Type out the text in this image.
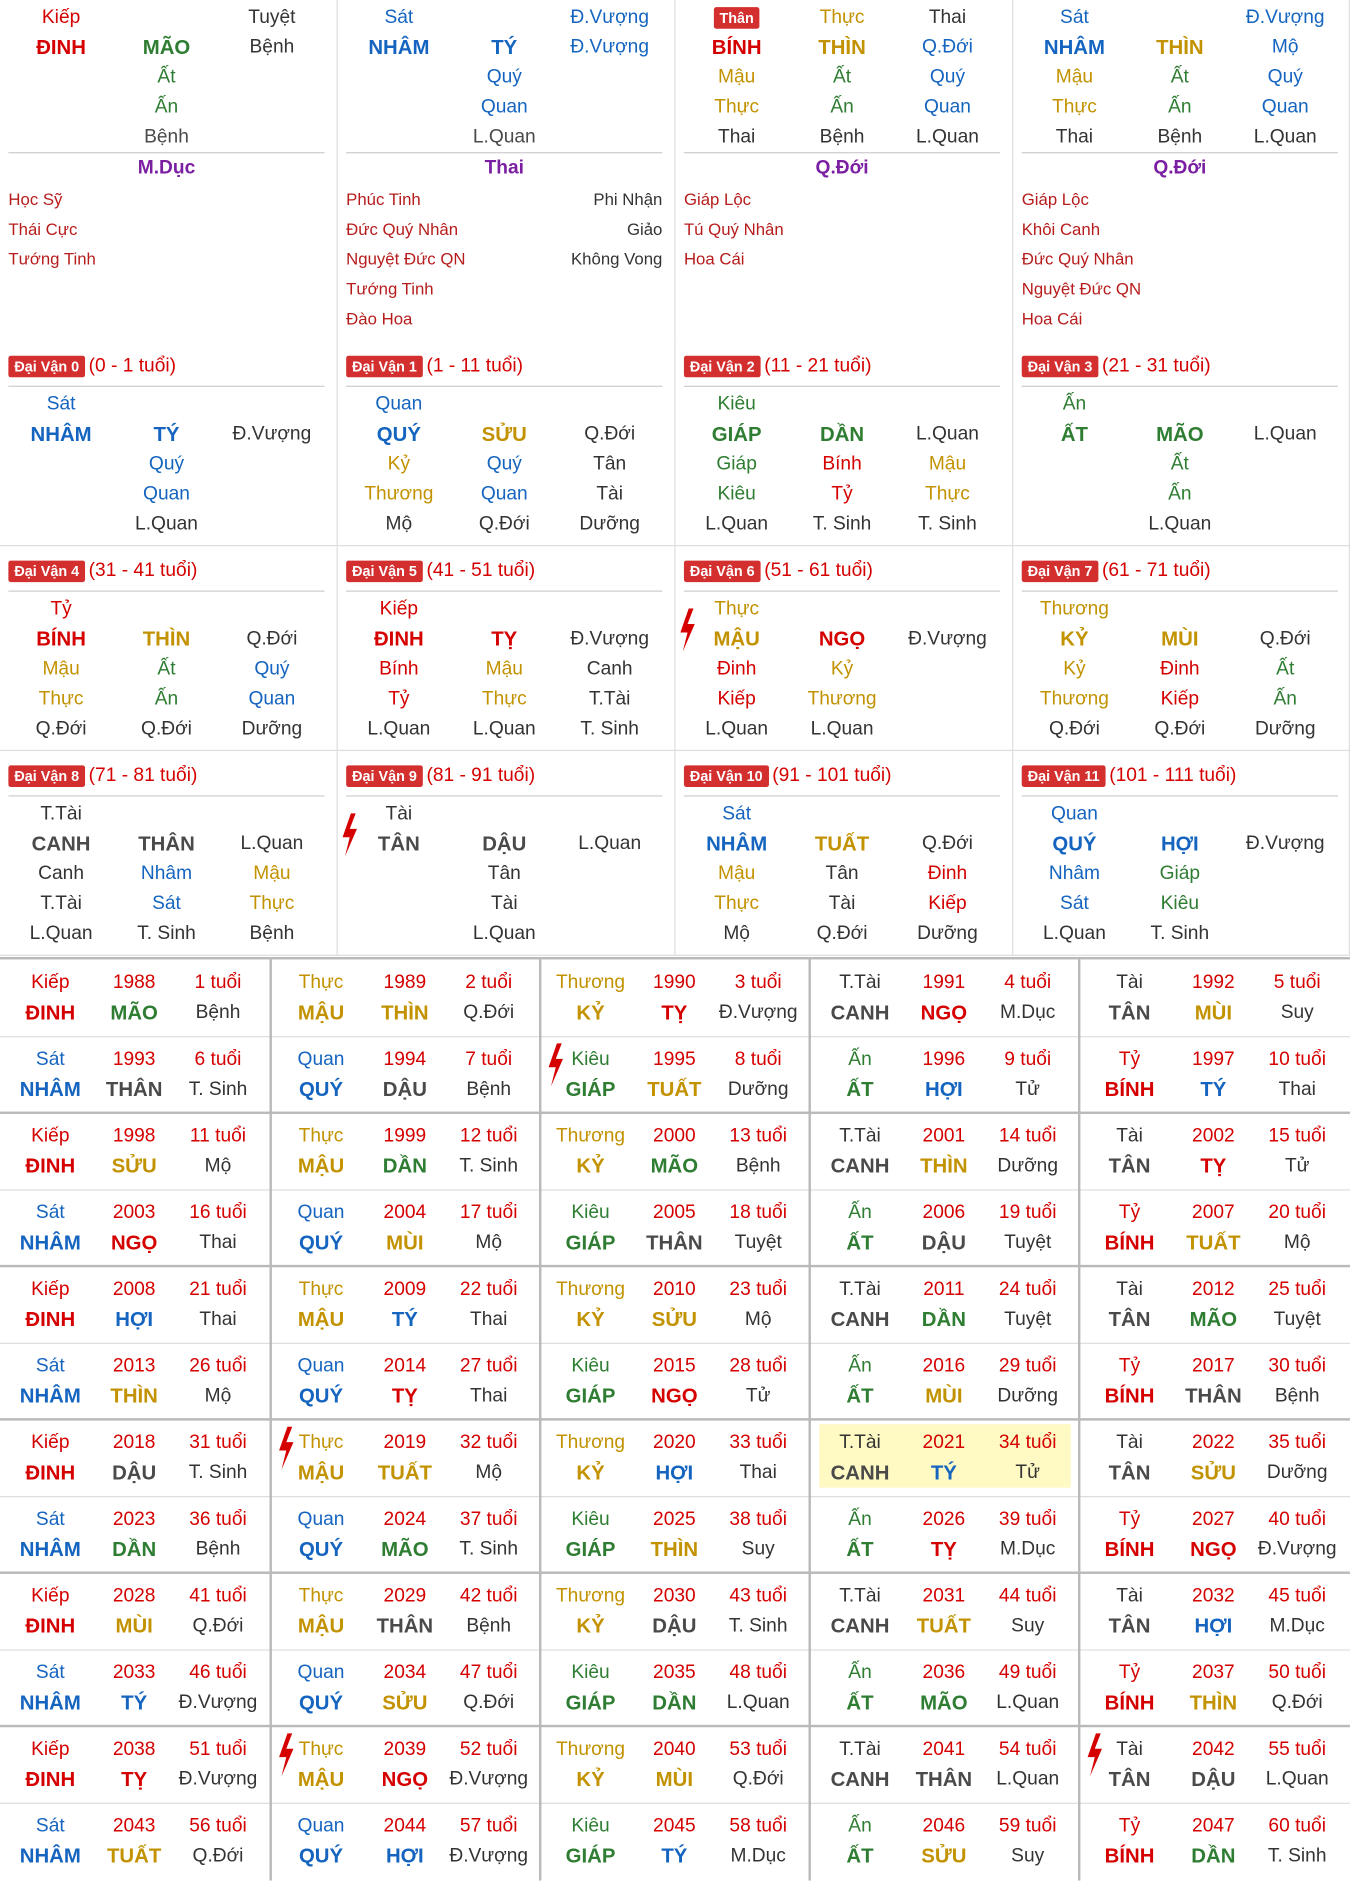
Kiếp	Tuyệt
ĐINH	MÃO	Bệnh
Ất
Ấn
Bệnh
M.Dục
Học Sỹ
Thái Cực
Tướng Tinh
Sát	Đ.Vượng
NHÂM	TÝ	Đ.Vượng
Quý
Quan
L.Quan
Thai
Phúc Tinh	Phi Nhận
Đức Quý Nhân	Giảo
Nguyệt Đức QN	Không Vong
Tướng Tinh
Đào Hoa
Thân	Thực	Thai
BÍNH	THÌN	Q.Đới
Mậu	Ất	Quý
Thực	Ấn	Quan
Thai	Bệnh	L.Quan
Q.Đới
Giáp Lộc
Tú Quý Nhân
Hoa Cái
Sát	Đ.Vượng
NHÂM	THÌN	Mộ
Mậu	Ất	Quý
Thực	Ấn	Quan
Thai	Bệnh	L.Quan
Q.Đới
Giáp Lộc
Khôi Canh
Đức Quý Nhân
Nguyệt Đức QN
Hoa Cái
Đại Vận 0 (0 - 1 tuổi)
Sát
NHÂM	TÝ	Đ.Vượng
Quý
Quan
L.Quan
Đại Vận 1 (1 - 11 tuổi)
Quan
QUÝ	SỬU	Q.Đới
Kỷ	Quý	Tân
Thương	Quan	Tài
Mộ	Q.Đới	Dưỡng
Đại Vận 2 (11 - 21 tuổi)
Kiêu
GIÁP	DẦN	L.Quan
Giáp	Bính	Mậu
Kiêu	Tỷ	Thực
L.Quan	T. Sinh	T. Sinh
Đại Vận 3 (21 - 31 tuổi)
Ấn
ẤT	MÃO	L.Quan
Ất
Ấn
L.Quan
Đại Vận 4 (31 - 41 tuổi)
Tỷ
BÍNH	THÌN	Q.Đới
Mậu	Ất	Quý
Thực	Ấn	Quan
Q.Đới	Q.Đới	Dưỡng
Đại Vận 5 (41 - 51 tuổi)
Kiếp
ĐINH	TỴ	Đ.Vượng
Bính	Mậu	Canh
Tỷ	Thực	T.Tài
L.Quan	L.Quan	T. Sinh
Đại Vận 6 (51 - 61 tuổi)
Thực
MẬU	NGỌ	Đ.Vượng
Đinh	Kỷ
Kiếp	Thương
L.Quan	L.Quan
Đại Vận 7 (61 - 71 tuổi)
Thương
KỶ	MÙI	Q.Đới
Kỷ	Đinh	Ất
Thương	Kiếp	Ấn
Q.Đới	Q.Đới	Dưỡng
Đại Vận 8 (71 - 81 tuổi)
T.Tài
CANH	THÂN	L.Quan
Canh	Nhâm	Mậu
T.Tài	Sát	Thực
L.Quan	T. Sinh	Bệnh
Đại Vận 9 (81 - 91 tuổi)
Tài
TÂN	DẬU	L.Quan
Tân
Tài
L.Quan
Đại Vận 10 (91 - 101 tuổi)
Sát
NHÂM	TUẤT	Q.Đới
Mậu	Tân	Đinh
Thực	Tài	Kiếp
Mộ	Q.Đới	Dưỡng
Đại Vận 11 (101 - 111 tuổi)
Quan
QUÝ	HỢI	Đ.Vượng
Nhâm	Giáp
Sát	Kiêu
L.Quan	T. Sinh
Kiếp	1988	1 tuổi
ĐINH	MÃO	Bệnh
Thực	1989	2 tuổi
MẬU	THÌN	Q.Đới
Thương	1990	3 tuổi
KỶ	TỴ	Đ.Vượng
T.Tài	1991	4 tuổi
CANH	NGỌ	M.Dục
Tài	1992	5 tuổi
TÂN	MÙI	Suy
Sát	1993	6 tuổi
NHÂM	THÂN	T. Sinh
Quan	1994	7 tuổi
QUÝ	DẬU	Bệnh
Kiêu	1995	8 tuổi
GIÁP	TUẤT	Dưỡng
Ấn	1996	9 tuổi
ẤT	HỢI	Tử
Tỷ	1997	10 tuổi
BÍNH	TÝ	Thai
Kiếp	1998	11 tuổi
ĐINH	SỬU	Mộ
Thực	1999	12 tuổi
MẬU	DẦN	T. Sinh
Thương	2000	13 tuổi
KỶ	MÃO	Bệnh
T.Tài	2001	14 tuổi
CANH	THÌN	Dưỡng
Tài	2002	15 tuổi
TÂN	TỴ	Tử
Sát	2003	16 tuổi
NHÂM	NGỌ	Thai
Quan	2004	17 tuổi
QUÝ	MÙI	Mộ
Kiêu	2005	18 tuổi
GIÁP	THÂN	Tuyệt
Ấn	2006	19 tuổi
ẤT	DẬU	Tuyệt
Tỷ	2007	20 tuổi
BÍNH	TUẤT	Mộ
Kiếp	2008	21 tuổi
ĐINH	HỢI	Thai
Thực	2009	22 tuổi
MẬU	TÝ	Thai
Thương	2010	23 tuổi
KỶ	SỬU	Mộ
T.Tài	2011	24 tuổi
CANH	DẦN	Tuyệt
Tài	2012	25 tuổi
TÂN	MÃO	Tuyệt
Sát	2013	26 tuổi
NHÂM	THÌN	Mộ
Quan	2014	27 tuổi
QUÝ	TỴ	Thai
Kiêu	2015	28 tuổi
GIÁP	NGỌ	Tử
Ấn	2016	29 tuổi
ẤT	MÙI	Dưỡng
Tỷ	2017	30 tuổi
BÍNH	THÂN	Bệnh
Kiếp	2018	31 tuổi
ĐINH	DẬU	T. Sinh
Thực	2019	32 tuổi
MẬU	TUẤT	Mộ
Thương	2020	33 tuổi
KỶ	HỢI	Thai
T.Tài	2021	34 tuổi
CANH	TÝ	Tử
Tài	2022	35 tuổi
TÂN	SỬU	Dưỡng
Sát	2023	36 tuổi
NHÂM	DẦN	Bệnh
Quan	2024	37 tuổi
QUÝ	MÃO	T. Sinh
Kiêu	2025	38 tuổi
GIÁP	THÌN	Suy
Ấn	2026	39 tuổi
ẤT	TỴ	M.Dục
Tỷ	2027	40 tuổi
BÍNH	NGỌ	Đ.Vượng
Kiếp	2028	41 tuổi
ĐINH	MÙI	Q.Đới
Thực	2029	42 tuổi
MẬU	THÂN	Bệnh
Thương	2030	43 tuổi
KỶ	DẬU	T. Sinh
T.Tài	2031	44 tuổi
CANH	TUẤT	Suy
Tài	2032	45 tuổi
TÂN	HỢI	M.Dục
Sát	2033	46 tuổi
NHÂM	TÝ	Đ.Vượng
Quan	2034	47 tuổi
QUÝ	SỬU	Q.Đới
Kiêu	2035	48 tuổi
GIÁP	DẦN	L.Quan
Ấn	2036	49 tuổi
ẤT	MÃO	L.Quan
Tỷ	2037	50 tuổi
BÍNH	THÌN	Q.Đới
Kiếp	2038	51 tuổi
ĐINH	TỴ	Đ.Vượng
Thực	2039	52 tuổi
MẬU	NGỌ	Đ.Vượng
Thương	2040	53 tuổi
KỶ	MÙI	Q.Đới
T.Tài	2041	54 tuổi
CANH	THÂN	L.Quan
Tài	2042	55 tuổi
TÂN	DẬU	L.Quan
Sát	2043	56 tuổi
NHÂM	TUẤT	Q.Đới
Quan	2044	57 tuổi
QUÝ	HỢI	Đ.Vượng
Kiêu	2045	58 tuổi
GIÁP	TÝ	M.Dục
Ấn	2046	59 tuổi
ẤT	SỬU	Suy
Tỷ	2047	60 tuổi
BÍNH	DẦN	T. Sinh
